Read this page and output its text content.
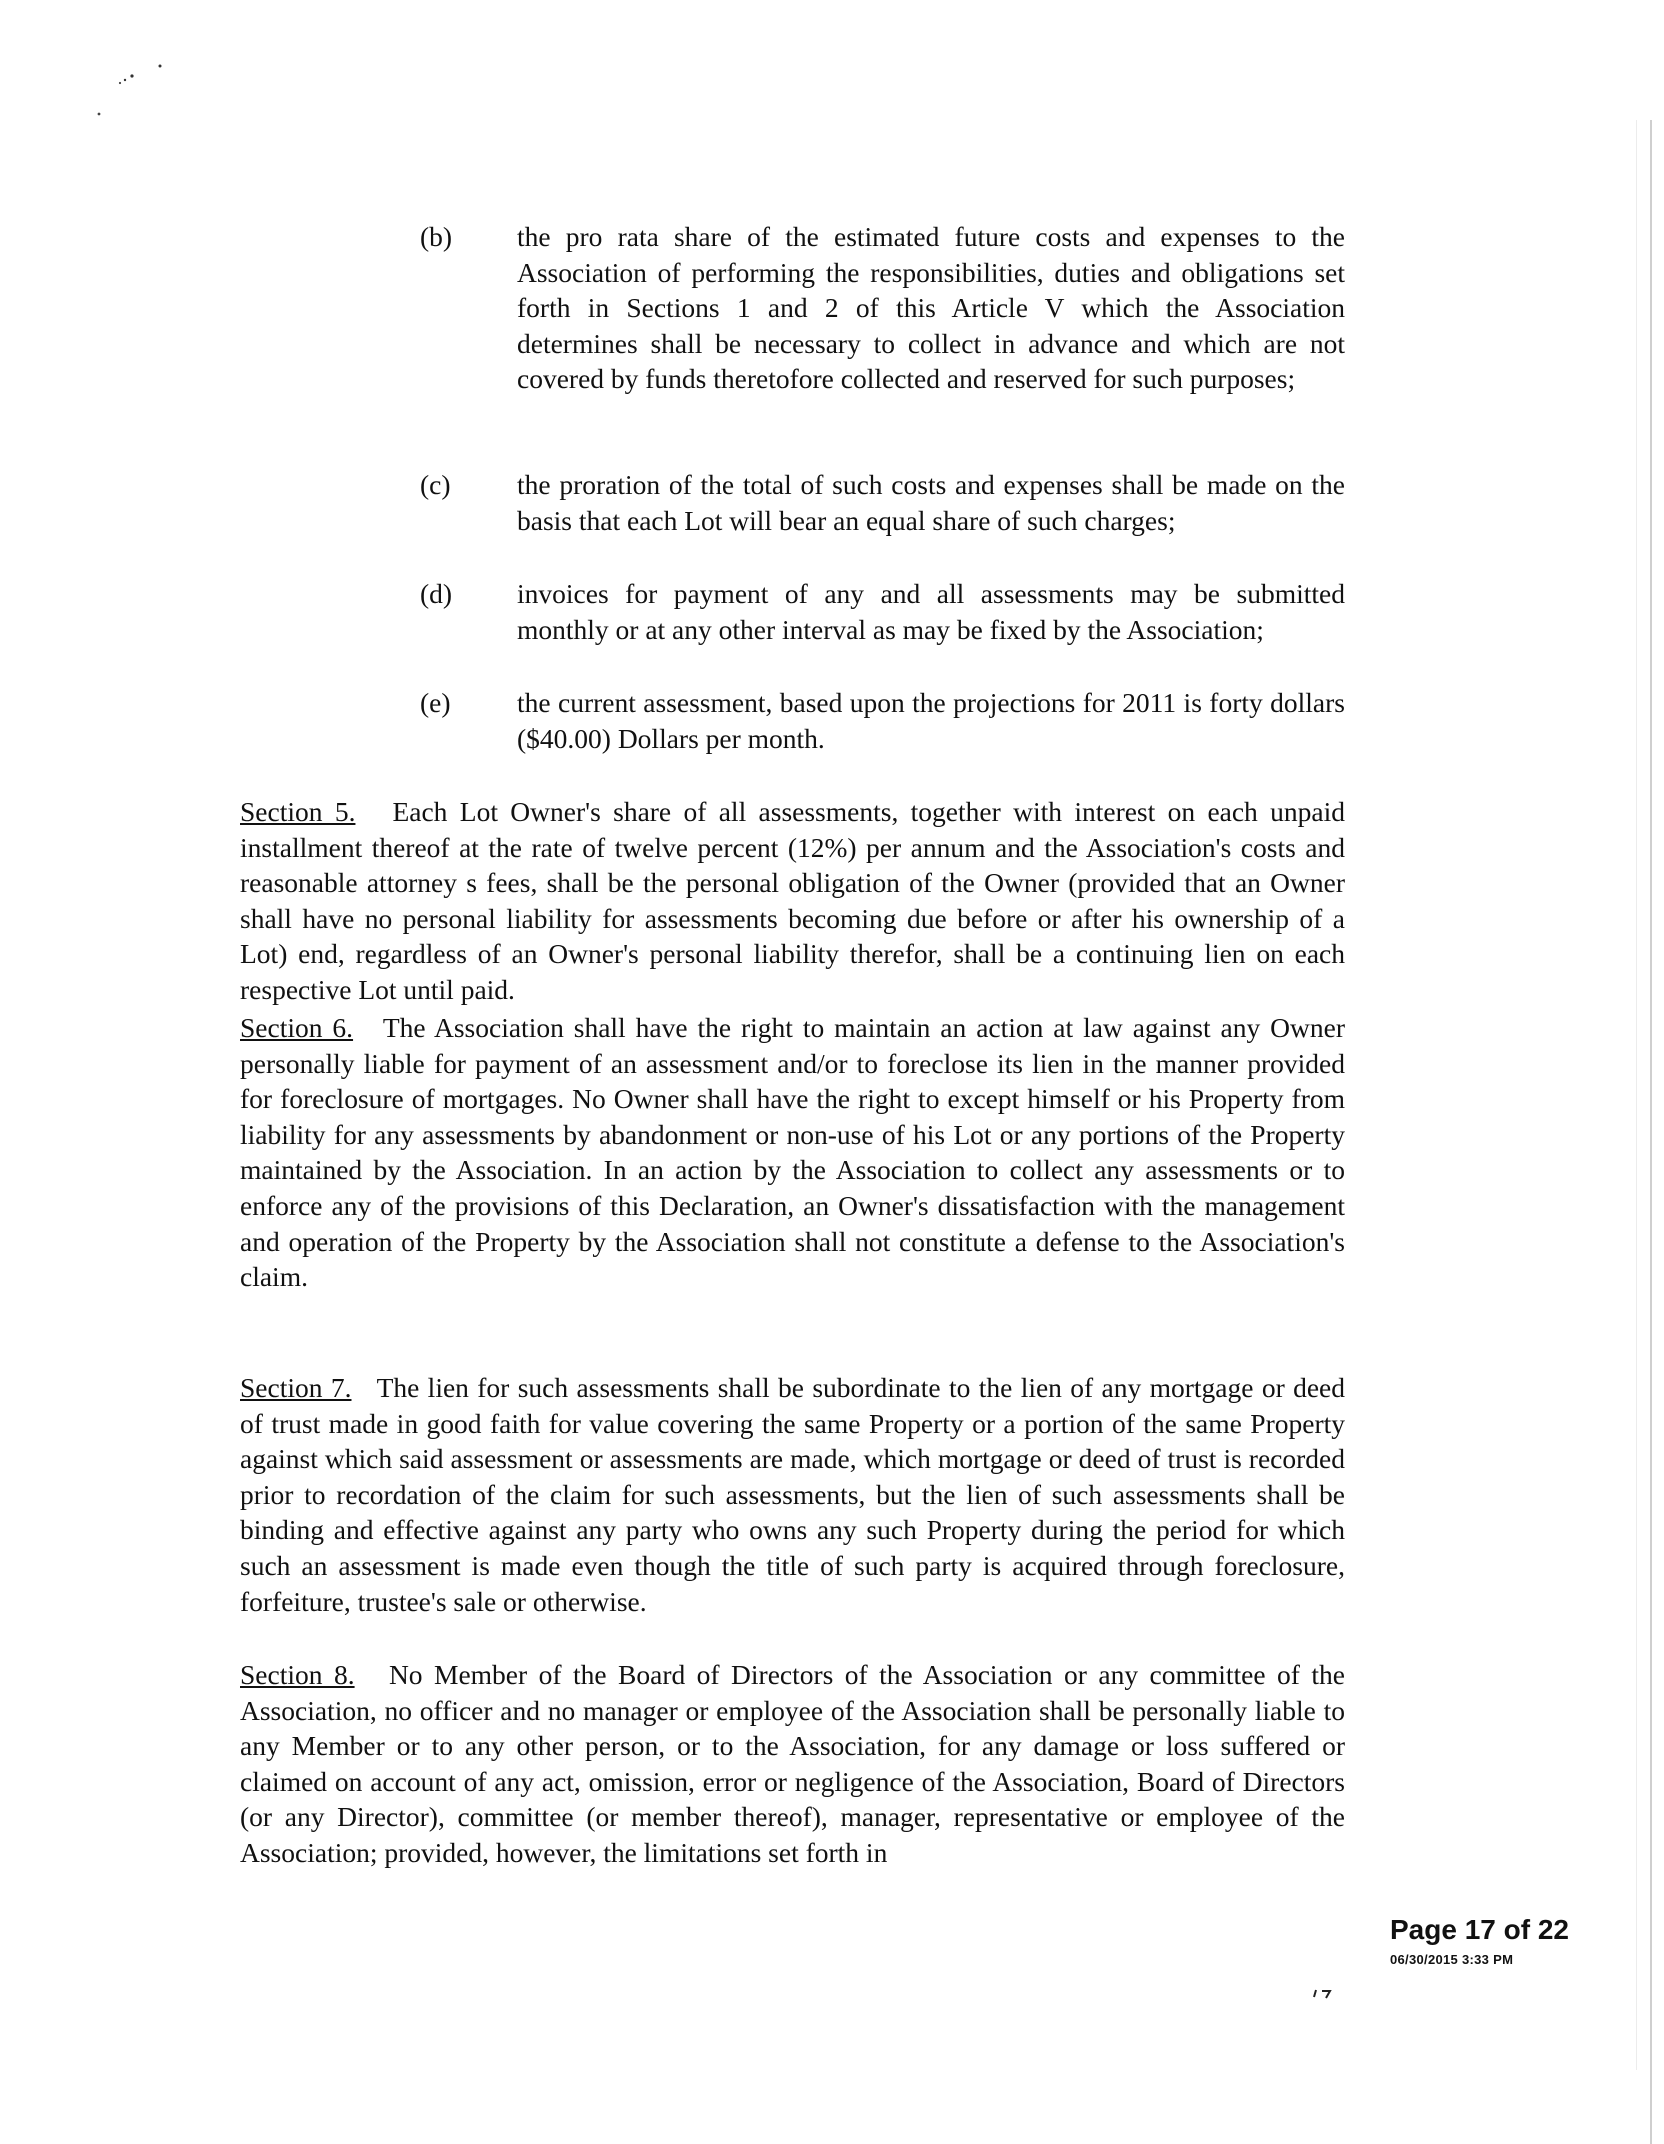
(b)	the pro rata share of the estimated future costs and expenses to the Association of performing the responsibilities, duties and obligations set forth in Sections 1 and 2 of this Article V which the Association determines shall be necessary to collect in advance and which are not covered by funds theretofore collected and reserved for such purposes;
(c)	the proration of the total of such costs and expenses shall be made on the basis that each Lot will bear an equal share of such charges;
(d)	invoices for payment of any and all assessments may be submitted monthly or at any other interval as may be fixed by the Association;
(e)	the current assessment, based upon the projections for 2011 is forty dollars ($40.00) Dollars per month.
Section 5. Each Lot Owner's share of all assessments, together with interest on each unpaid installment thereof at the rate of twelve percent (12%) per annum and the Association's costs and reasonable attorney s fees, shall be the personal obligation of the Owner (provided that an Owner shall have no personal liability for assessments becoming due before or after his ownership of a Lot) end, regardless of an Owner's personal liability therefor, shall be a continuing lien on each respective Lot until paid.
Section 6. The Association shall have the right to maintain an action at law against any Owner personally liable for payment of an assessment and/or to foreclose its lien in the manner provided for foreclosure of mortgages. No Owner shall have the right to except himself or his Property from liability for any assessments by abandonment or non-use of his Lot or any portions of the Property maintained by the Association. In an action by the Association to collect any assessments or to enforce any of the provisions of this Declaration, an Owner's dissatisfaction with the management and operation of the Property by the Association shall not constitute a defense to the Association's claim.
Section 7. The lien for such assessments shall be subordinate to the lien of any mortgage or deed of trust made in good faith for value covering the same Property or a portion of the same Property against which said assessment or assessments are made, which mortgage or deed of trust is recorded prior to recordation of the claim for such assessments, but the lien of such assessments shall be binding and effective against any party who owns any such Property during the period for which such an assessment is made even though the title of such party is acquired through foreclosure, forfeiture, trustee's sale or otherwise.
Section 8. No Member of the Board of Directors of the Association or any committee of the Association, no officer and no manager or employee of the Association shall be personally liable to any Member or to any other person, or to the Association, for any damage or loss suffered or claimed on account of any act, omission, error or negligence of the Association, Board of Directors (or any Director), committee (or member thereof), manager, representative or employee of the Association; provided, however, the limitations set forth in
Page 17 of 22
06/30/2015 3:33 PM
